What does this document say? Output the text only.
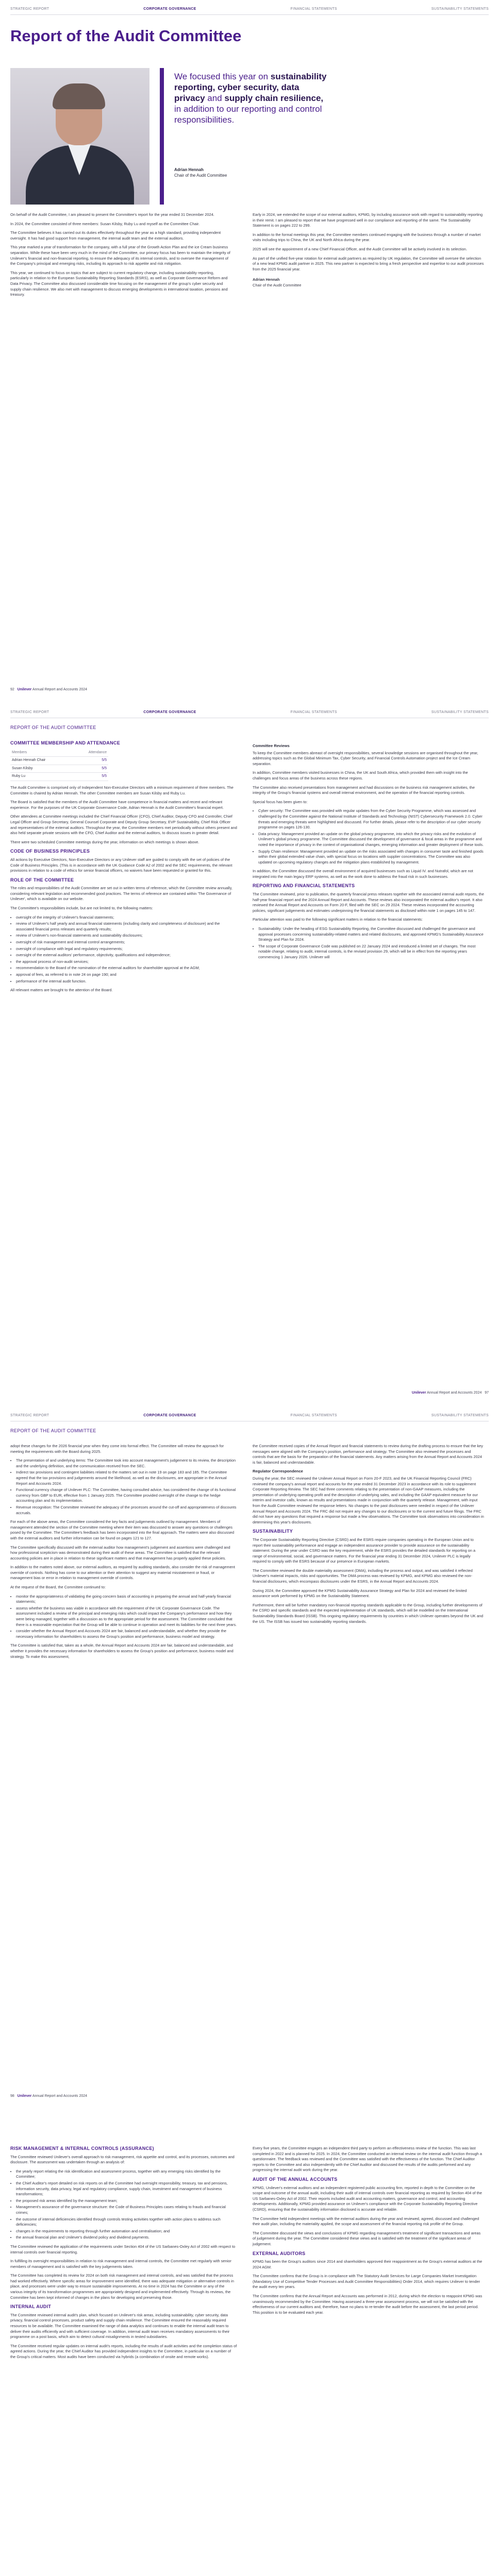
STRATEGIC REPORT	CORPORATE GOVERNANCE	FINANCIAL STATEMENTS	SUSTAINABILITY STATEMENTS
Report of the Audit Committee
We focused this year on sustainability reporting, cyber security, data privacy and supply chain resilience, in addition to our reporting and control responsibilities.
Adrian Hennah
Chair of the Audit Committee

On behalf of the Audit Committee, I am pleased to present the Committee's report for the year ended 31 December 2024.

In 2024, the Committee consisted of three members: Susan Kilsby, Ruby Lu and myself as the Committee Chair.

The Committee believes it has carried out its duties effectively throughout the year as a high standard, providing independent oversight. It has had good support from management, the internal audit team and the external auditors.

This year marked a year of transformation for the company, with a full year of the Growth Action Plan and the ice Cream business separation. While these have been very much in the mind of the Committee, our primary focus has been to maintain the integrity of Unilever's financial and non-financial reporting, to ensure the adequacy of its internal controls, and to oversee the management of the Company's principal and emerging risks, including its approach to risk appetite and risk mitigation.

This year, we continued to focus on topics that are subject to current regulatory change, including sustainability reporting, particularly in relation to the European Sustainability Reporting Standards (ESRS), as well as Corporate Governance Reform and Data Privacy. The Committee also discussed considerable time focusing on the management of the group's cyber security and supply chain resilience. We also met with management to discuss emerging developments in international taxation, pensions and treasury.

Early in 2024, we extended the scope of our external auditors, KPMG, by including assurance work with regard to sustainability reporting in their remit. I am pleased to report that we have progressed well in our compliance and reporting of the same. The Sustainability Statement is on pages 222 to 299.

In addition to the formal meetings this year, the Committee members continued engaging with the business through a number of market visits including trips to China, the UK and North Africa during the year.

2025 will see the appointment of a new Chief Financial Officer, and the Audit Committee will be actively involved in its selection.

As part of the unified five-year rotation for external audit partners as required by UK regulation, the Committee will oversee the selection of a new lead KPMG audit partner in 2025. This new partner is expected to bring a fresh perspective and expertise to our audit processes from the 2025 financial year.

Adrian Hennah
Chair of the Audit Committee

92 Unilever Annual Report and Accounts 2024
STRATEGIC REPORT	CORPORATE GOVERNANCE	FINANCIAL STATEMENTS	SUSTAINABILITY STATEMENTS
REPORT OF THE AUDIT COMMITTEE
COMMITTEE MEMBERSHIP AND ATTENDANCE
Members	Attendance
Adrian Hennah Chair	5/5
Susan Kilsby	5/5
Ruby Lu	5/5

The Audit Committee is comprised only of Independent Non-Executive Directors with a minimum requirement of three members. The Committee is chaired by Adrian Hennah. The other Committee members are Susan Kilsby and Ruby Lu.

The Board is satisfied that the members of the Audit Committee have competence in financial matters and recent and relevant experience. For the purposes of the UK Corporate Governance Code, Adrian Hennah is the Audit Committee's financial expert.

Other attendees at Committee meetings included the Chief Financial Officer (CFO), Chief Auditor, Deputy CFO and Controller, Chief Legal Officer and Group Secretary, General Counsel Corporate and Deputy Group Secretary, EVP Sustainability, Chief Risk Officer and representatives of the external auditors. Throughout the year, the Committee members met periodically without others present and also held separate private sessions with the CFO, Chief Auditor and the external auditors, to discuss issues in greater detail.

There were two scheduled Committee meetings during the year, information on which meetings is shown above.

CODE OF BUSINESS PRINCIPLES

All actions by Executive Directors, Non-Executive Directors or any Unilever staff are guided to comply with the set of policies of the Code of Business Principles. (This is in accordance with the UK Guidance Code A2 of 2002 and the SEC requirements, the relevant provisions in relation to a code of ethics for senior financial officers, no waivers have been requested or granted for this.

ROLE OF THE COMMITTEE

The roles and responsibilities of the Audit Committee are set out in written terms of reference, which the Committee review annually, considering relevant legislation and recommended good practices. The terms of reference are contained within 'The Governance of Unilever', which is available on our website.

The Committee's responsibilities include, but are not limited to, the following matters:

• oversight of the integrity of Unilever's financial statements;
• review of Unilever's half yearly and annual financial statements (including clarity and completeness of disclosure) and the associated financial press releases and quarterly results;
• review of Unilever's non-financial statements and sustainability disclosures;
• oversight of risk management and internal control arrangements;
• oversight of compliance with legal and regulatory requirements;
• oversight of the external auditors' performance, objectivity, qualifications and independence;
• the approval process of non-audit services;
• recommendation to the Board of the nomination of the external auditors for shareholder approval at the AGM;
• approval of fees, as referred to in note 24 on page 190; and
• performance of the internal audit function.

All relevant matters are brought to the attention of the Board.

Committee Reviews

To keep the Committee members abreast of oversight responsibilities, several knowledge sessions are organised throughout the year, addressing topics such as the Global Minimum Tax, Cyber Security, and Financial Controls Automation project and the Ice Cream separation.

In addition, Committee members visited businesses in China, the UK and South Africa, which provided them with insight into the challenges and focus areas of the business across these regions.

The Committee also received presentations from management and had discussions on the business risk management activities, the integrity of the Group's financial systems and overall internal environment, and the operation of the financial reporting controls.

Special focus has been given to:

• Cyber security: The Committee was provided with regular updates from the Cyber Security Programme, which was assessed and challenged by the Committee against the National Institute of Standards and Technology (NIST) Cybersecurity Framework 2.0. Cyber threats and emerging threats were highlighted and discussed. For further details, please refer to the description of our cyber security programme on pages 126-130.
• Data privacy: Management provided an update on the global privacy programme, into which the privacy risks and the evolution of Unilever's global privacy programme. The Committee discussed the development of governance & focal areas in the programme and noted the importance of privacy in the context of organisational changes, emerging information and greater deployment of these tools.
• Supply Chain resilience: Management provided an update on the risks associated with changes in consumer taste and finished goods within their global extended value chain, with special focus on locations with supplier concentrations. The Committee was also updated on upcoming regulatory changes and the mitigation plans established by management.

In addition, the Committee discussed the overall environment of acquired businesses such as Liquid IV. and Nutrafol, which are not integrated into the main legacy ERP systems, as well as the work done to address the fraud risk in such businesses.

REPORTING AND FINANCIAL STATEMENTS

The Committee reviewed, prior to publication, the quarterly financial press releases together with the associated internal audit reports, the half-year financial report and the 2024 Annual Report and Accounts. These reviews also incorporated the external auditor's report. It also reviewed the Annual Report and Accounts on Form 20-F, filed with the SEC on 29 2024. These reviews incorporated the accounting policies, significant judgements and estimates underpinning the financial statements as disclosed within note 1 on pages 145 to 147.

Particular attention was paid to the following significant matters in relation to the financial statements:

• Sustainability: Under the heading of ESG Sustainability Reporting, the Committee discussed and challenged the governance and approval processes concerning sustainability-related matters and related disclosures, and approved KPMG's Sustainability Assurance Strategy and Plan for 2024.
• The scope of Corporate Governance Code was published on 22 January 2024 and introduced a limited set of changes. The most notable change, relating to audit, internal controls, is the revised provision 29, which will be in effect from the reporting years commencing 1 January 2026. Unilever will
Unilever Annual Report and Accounts 2024 97
STRATEGIC REPORT	CORPORATE GOVERNANCE	FINANCIAL STATEMENTS	SUSTAINABILITY STATEMENTS
REPORT OF THE AUDIT COMMITTEE

adopt these changes for the 2026 financial year when they come into formal effect. The Committee will review the approach for meeting the requirements with the Board during 2025.

• The presentation of and underlying items: The Committee took into account management's judgement to its review, the description and the underlying definition, and the communication received from the SEC.
• Indirect tax provisions and contingent liabilities related to the matters set out in note 19 on page 183 and 185. The Committee agreed that the tax provisions and judgements around the likelihood, as well as the disclosures, are appropriate in the Annual Report and Accounts 2024.
• Functional currency change of Unilever PLC: The Committee, having consulted advice, has considered the change of its functional currency from GBP to EUR, effective from 1 January 2025. The Committee provided oversight of the change to the hedge accounting plan and its implementation.
• Revenue recognition: The Committee reviewed the adequacy of the processes around the cut-off and appropriateness of discounts accruals.

For each of the above areas, the Committee considered the key facts and judgements outlined by management. Members of management attended the section of the Committee meeting where their item was discussed to answer any questions or challenges posed by the Committee. The Committee's feedback has been incorporated into the final approach. The matters were also discussed with the external auditors and further information can be found on pages 121 to 127.

The Committee specifically discussed with the external auditor how management's judgement and assertions were challenged and how professional scepticism was demonstrated during their audit of these areas. The Committee is satisfied that the relevant accounting policies are in place in relation to these significant matters and that management has properly applied these policies.

In addition to the matters noted above, our external auditors, as required by auditing standards, also consider the risk of management override of controls. Nothing has come to our attention or their attention to suggest any material misstatement or fraud, or management bias or error in relation to management override of controls.

At the request of the Board, the Committee continued to:

• monitor the appropriateness of validating the going concern basis of accounting in preparing the annual and half-yearly financial statements;
• assess whether the business was viable in accordance with the requirement of the UK Corporate Governance Code. The assessment included a review of the principal and emerging risks which could impact the Company's performance and how they were being managed, together with a discussion as to the appropriate period for the assessment. The Committee concluded that there is a reasonable expectation that the Group will be able to continue in operation and meet its liabilities for the next three years.
• consider whether the Annual Report and Accounts 2024 are fair, balanced and understandable, and whether they provide the necessary information for shareholders to assess the Group's position and performance, business model and strategy.

The Committee is satisfied that, taken as a whole, the Annual Report and Accounts 2024 are fair, balanced and understandable, and whether it provides the necessary information for shareholders to assess the Group's position and performance, business model and strategy. To make this assessment,

the Committee received copies of the Annual Report and financial statements to review during the drafting process to ensure that the key messages were aligned with the Company's position, performance and strategy. The Committee also reviewed the processes and controls that are the basis for the preparation of the financial statements. Any matters arising from the Annual Report and Accounts 2024 is fair, balanced and understandable.

Regulator Correspondence

During the year, the SEC reviewed the Unilever Annual Report on Form 20-F 2023, and the UK Financial Reporting Council (FRC) reviewed the company's annual report and accounts for the year ended 31 December 2023 in accordance with its role to supplement Corporate Reporting Review. The SEC had three comments relating to the presentation of non-GAAP measures, including the presentation of underlying operating profit and the description of underlying sales, and including the GAAP equivalent measure for our interim and investor calls, known as results and presentations made in conjunction with the quarterly release. Management, with input from the Audit Committee reviewed the response letters. No changes to the past disclosures were needed in respect of the Unilever Annual Report and Accounts 2024. The FRC did not require any changes to our disclosures or to the current and future filings. The FRC did not have any questions that required a response but made a few observations. The Committee took observations into consideration in determining this year's disclosures.

SUSTAINABILITY

The Corporate Sustainability Reporting Directive (CSRD) and the ESRS require companies operating in the European Union and to report their sustainability performance and engage an independent assurance provider to provide assurance on the sustainability statement. During the year under CSRD was the key requirement, while the ESRS provides the detailed standards for reporting on a range of environmental, social, and governance matters. For the financial year ending 31 December 2024, Unilever PLC is legally required to comply with the ESRS because of our presence in European markets.

The Committee reviewed the double materiality assessment (DMA), including the process and output, and was satisfied it reflected Unilever's material impacts, risks and opportunities. The DMA process was reviewed by KPMG, and KPMG also reviewed the non-financial disclosures, which encompass disclosures under the ESRS, in the Annual Report and Accounts 2024.

During 2024, the Committee approved the KPMG Sustainability Assurance Strategy and Plan for 2024 and reviewed the limited assurance work performed by KPMG on the Sustainability Statement.

Furthermore, there will be further mandatory non-financial reporting standards applicable to the Group, including further developments of the CSRD and specific standards and the expected implementation of UK standards, which will be modelled on the International Sustainability Standards Board (ISSB). This ongoing regulatory requirements by countries in which Unilever operates beyond the UK and the US. The ISSB has issued two sustainability reporting standards.

98 Unilever Annual Report and Accounts 2024
RISK MANAGEMENT & INTERNAL CONTROLS (ASSURANCE)

The Committee reviewed Unilever's overall approach to risk management, risk appetite and control, and its processes, outcomes and disclosure. The assessment was undertaken through an analysis of:

• the yearly report relating the risk identification and assessment process, together with any emerging risks identified by the Committee;
• the Chief Auditor's report detailed on risk reports on all the Committee had oversight responsibility, treasury, tax and pensions, information security, data privacy, legal and regulatory compliance, supply chain, investment and management of business transformations;
• the proposed risk areas identified by the management team;
• Management's assurance of the governance structure: the Code of Business Principles cases relating to frauds and financial crimes;
• the outcome of internal deficiencies identified through controls testing activities together with action plans to address such deficiencies;
• changes in the requirements to reporting through further automation and centralisation; and
• the annual financial plan and Unilever's dividend policy and dividend payments.

The Committee reviewed the application of the requirements under Section 404 of the US Sarbanes-Oxley Act of 2002 with respect to internal controls over financial reporting.

In fulfilling its oversight responsibilities in relation to risk management and internal controls, the Committee met regularly with senior members of management and is satisfied with the key judgements taken.

The Committee has completed its review for 2024 on both risk management and internal controls, and was satisfied that the process had worked effectively. Where specific areas for improvement were identified, there was adequate mitigation or alternative controls in place, and processes were under way to ensure sustainable improvements. At no time in 2024 has the Committee or any of the various integrity of its transformation programmes are appropriately designed and implemented effectively. Through its reviews, the Committee has been kept informed of changes in the plans for developing and preserving those.

INTERNAL AUDIT

The Committee reviewed internal audit's plan, which focused on Unilever's risk areas, including sustainability, cyber security, data privacy, financial control processes, product safety and supply chain resilience. The Committee ensured the reasonably required resources to be available. The Committee examined the range of data analytics and continues to enable the internal audit team to deliver their audits efficiently and with sufficient coverage. In addition, internal audit team receives mandatory assessments to their programme on a post basis, which aim to detect cultural misalignments in tested subsidiaries.

The Committee received regular updates on internal audit's reports, including the results of audit activities and the completion status of agreed actions. During the year, the Chief Auditor has provided independent insights to the Committee, in particular on a number of the Group's critical matters. Most audits have been conducted via hybrids (a combination of onsite and remote works).

Every five years, the Committee engages an independent third party to perform an effectiveness review of the function. This was last completed in 2022 and is planned for 2025. In 2024, the Committee conducted an internal review on the internal audit function through a questionnaire. The feedback was reviewed and the Committee was satisfied with the effectiveness of the function. The Chief Auditor reports to the Committee and also independently with the Chief Auditor and discussed the results of the audits performed and any progressing the internal audit work during the year.

AUDIT OF THE ANNUAL ACCOUNTS

KPMG, Unilever's external auditors and an independent registered public accounting firm, reported in depth to the Committee on the scope and outcome of the annual audit, including their audit of internal controls over financial reporting as required by Section 404 of the US Sarbanes-Oxley Act of 2002. Their reports included audit and accounting matters, governance and control, and accounting developments. Additionally, KPMG provided assurance on Unilever's compliance with the Corporate Sustainability Reporting Directive (CSRD), ensuring that the sustainability information disclosed is accurate and reliable.

The Committee held independent meetings with the external auditors during the year and reviewed, agreed, discussed and challenged their audit plan, including the materiality applied, the scope and assessment of the financial reporting risk profile of the Group.

The Committee discussed the views and conclusions of KPMG regarding management's treatment of significant transactions and areas of judgement during the year. The Committee considered these views and is satisfied with the treatment of the significant areas of judgement.

EXTERNAL AUDITORS

KPMG has been the Group's auditors since 2014 and shareholders approved their reappointment as the Group's external auditors at the 2024 AGM.

The Committee confirms that the Group is in compliance with The Statutory Audit Services for Large Companies Market Investigation (Mandatory Use of Competitive Tender Processes and Audit Committee Responsibilities) Order 2014, which requires Unilever to tender the audit every ten years.

The Committee confirms that the Annual Report and Accounts was performed in 2012, during which the election to reappoint KPMG was unanimously recommended by the Committee. Having assessed a three-year assessment process, we will not be satisfied with the effectiveness of our current auditors and, therefore, have no plans to re-tender the audit before the assessment, the last period period. This position is to be evaluated each year.
